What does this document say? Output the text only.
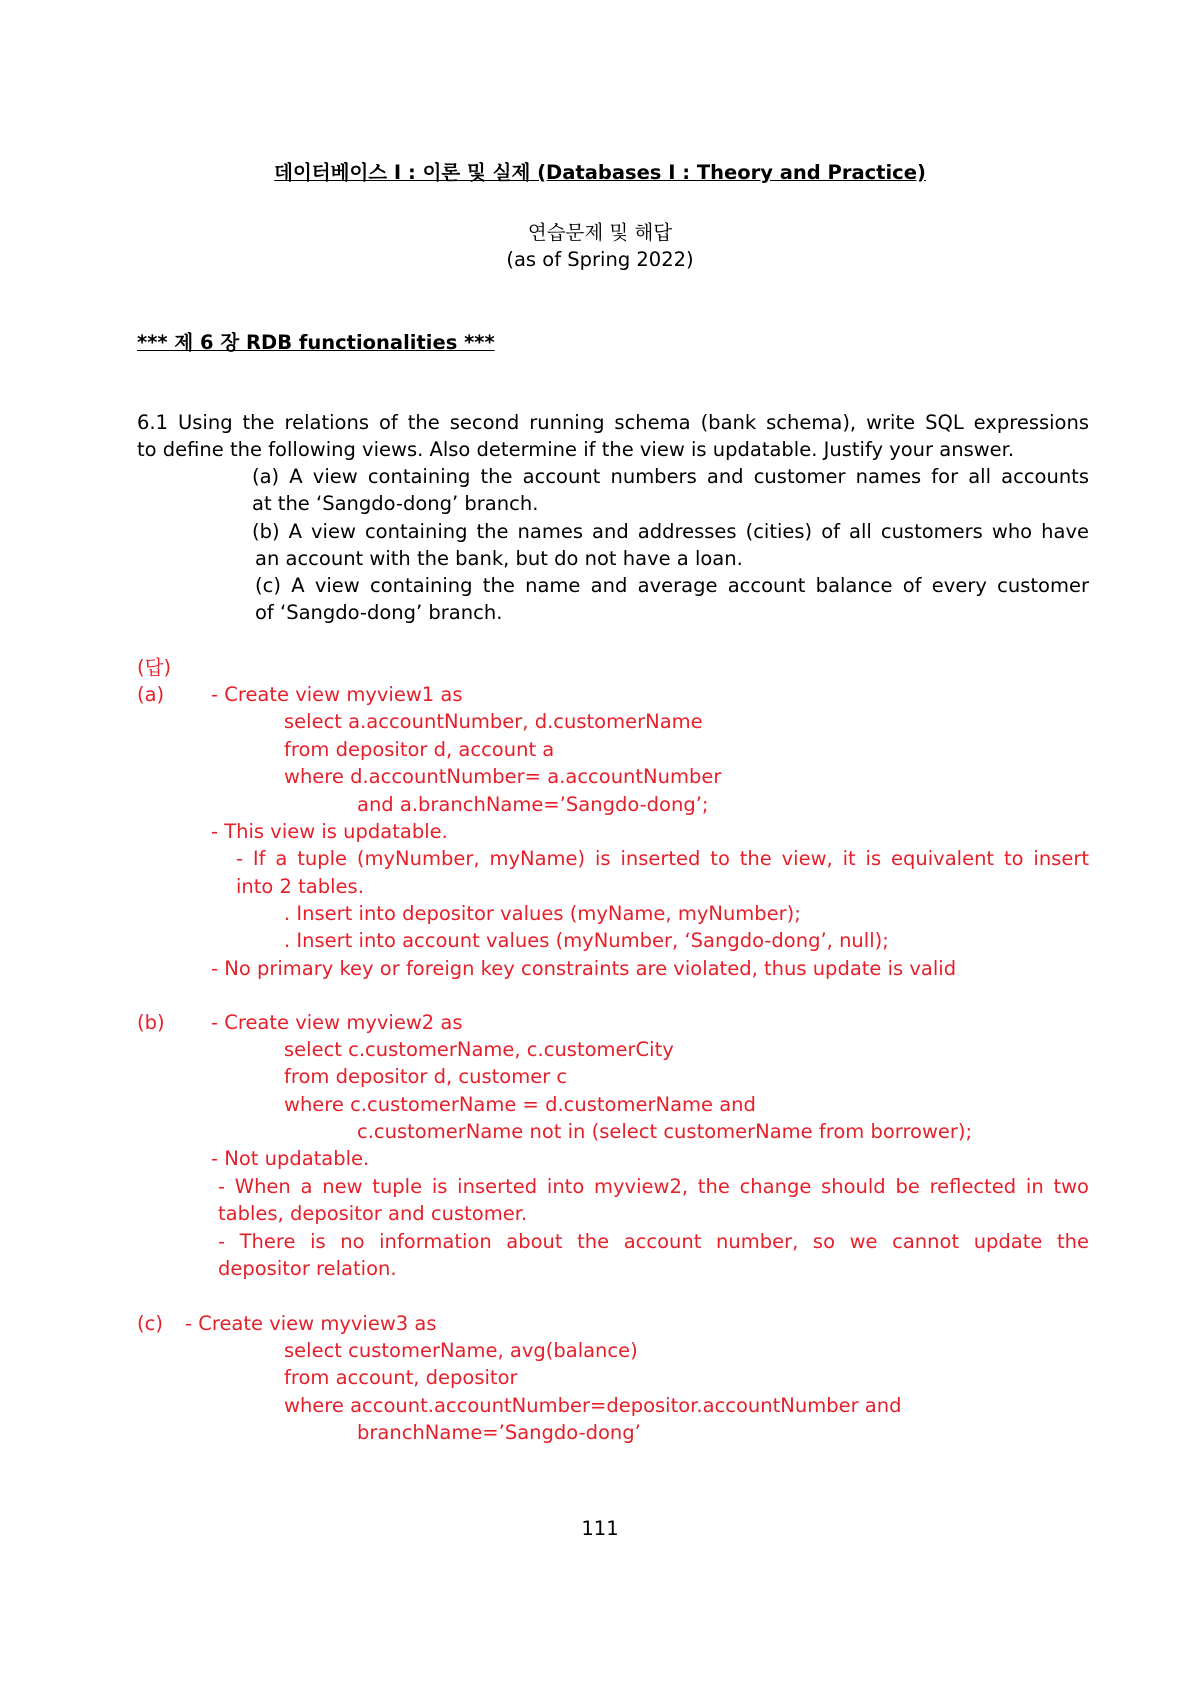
데이터베이스 I : 이론 및 실제 (Databases I : Theory and Practice)

연습문제 및 해답

(as of Spring 2022)

*** 제 6 장 RDB functionalities ***

6.1 Using the relations of the second running schema (bank schema), write SQL expressions

to define the following views. Also determine if the view is updatable. Justify your answer.

(a) A view containing the account numbers and customer names for all accounts

at the ‘Sangdo-dong’ branch.

(b) A view containing the names and addresses (cities) of all customers who have

an account with the bank, but do not have a loan.

(c) A view containing the name and average account balance of every customer

of ‘Sangdo-dong’ branch.

(답)

(a) - Create view myview1 as

select a.accountNumber, d.customerName

from depositor d, account a

where d.accountNumber= a.accountNumber

and a.branchName=’Sangdo-dong’;

- This view is updatable.

- If a tuple (myNumber, myName) is inserted to the view, it is equivalent to insert

into 2 tables.

. Insert into depositor values (myName, myNumber);

. Insert into account values (myNumber, ‘Sangdo-dong’, null);

- No primary key or foreign key constraints are violated, thus update is valid

(b) - Create view myview2 as

select c.customerName, c.customerCity

from depositor d, customer c

where c.customerName = d.customerName and

c.customerName not in (select customerName from borrower);

- Not updatable.

- When a new tuple is inserted into myview2, the change should be reflected in two

tables, depositor and customer.

- There is no information about the account number, so we cannot update the

depositor relation.

(c) - Create view myview3 as

select customerName, avg(balance)

from account, depositor

where account.accountNumber=depositor.accountNumber and

branchName=’Sangdo-dong’

111
